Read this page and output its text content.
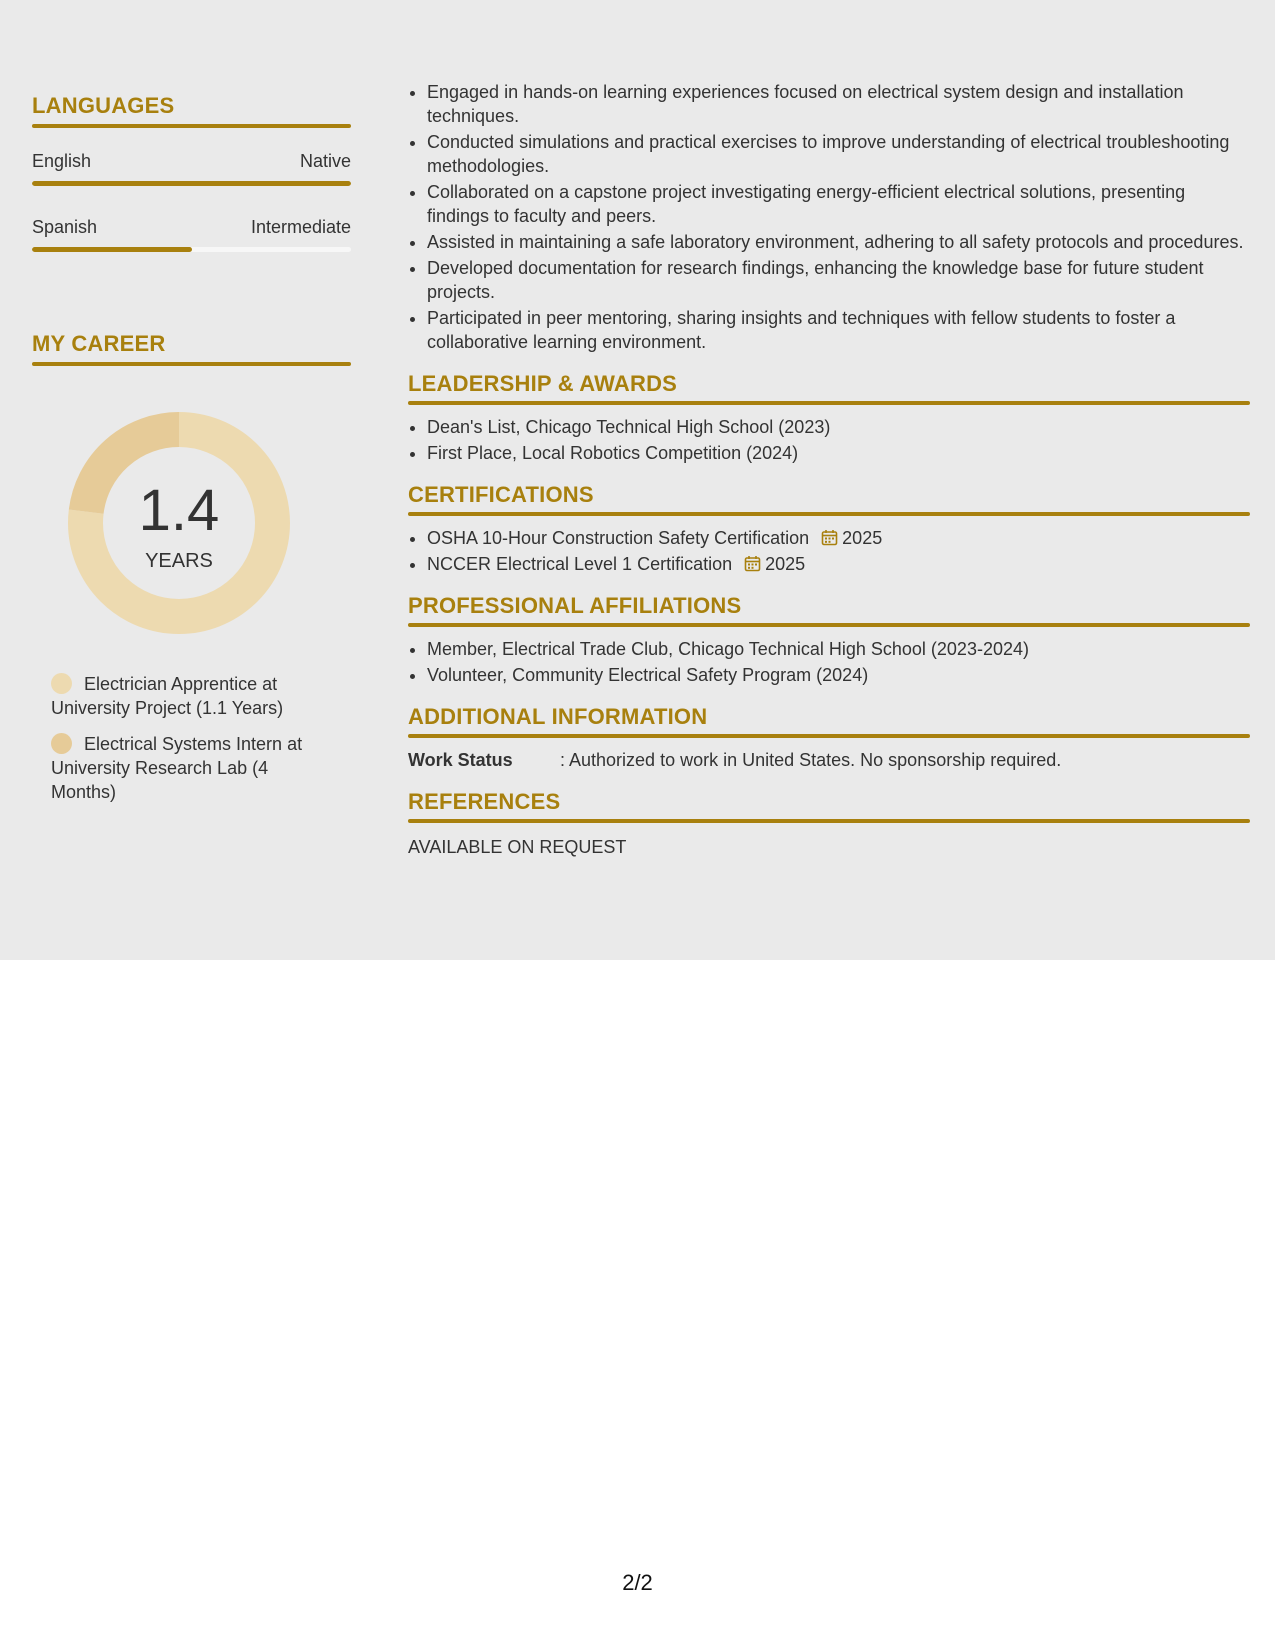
LANGUAGES
English	Native
Spanish	Intermediate
MY CAREER
1.4
YEARS
Electrician Apprentice at University Project (1.1 Years)
Electrical Systems Intern at University Research Lab (4 Months)
• Engaged in hands-on learning experiences focused on electrical system design and installation techniques.
• Conducted simulations and practical exercises to improve understanding of electrical troubleshooting methodologies.
• Collaborated on a capstone project investigating energy-efficient electrical solutions, presenting findings to faculty and peers.
• Assisted in maintaining a safe laboratory environment, adhering to all safety protocols and procedures.
• Developed documentation for research findings, enhancing the knowledge base for future student projects.
• Participated in peer mentoring, sharing insights and techniques with fellow students to foster a collaborative learning environment.
LEADERSHIP & AWARDS
• Dean's List, Chicago Technical High School (2023)
• First Place, Local Robotics Competition (2024)
CERTIFICATIONS
• OSHA 10-Hour Construction Safety Certification 2025
• NCCER Electrical Level 1 Certification 2025
PROFESSIONAL AFFILIATIONS
• Member, Electrical Trade Club, Chicago Technical High School (2023-2024)
• Volunteer, Community Electrical Safety Program (2024)
ADDITIONAL INFORMATION
Work Status	: Authorized to work in United States. No sponsorship required.
REFERENCES
AVAILABLE ON REQUEST
2/2
